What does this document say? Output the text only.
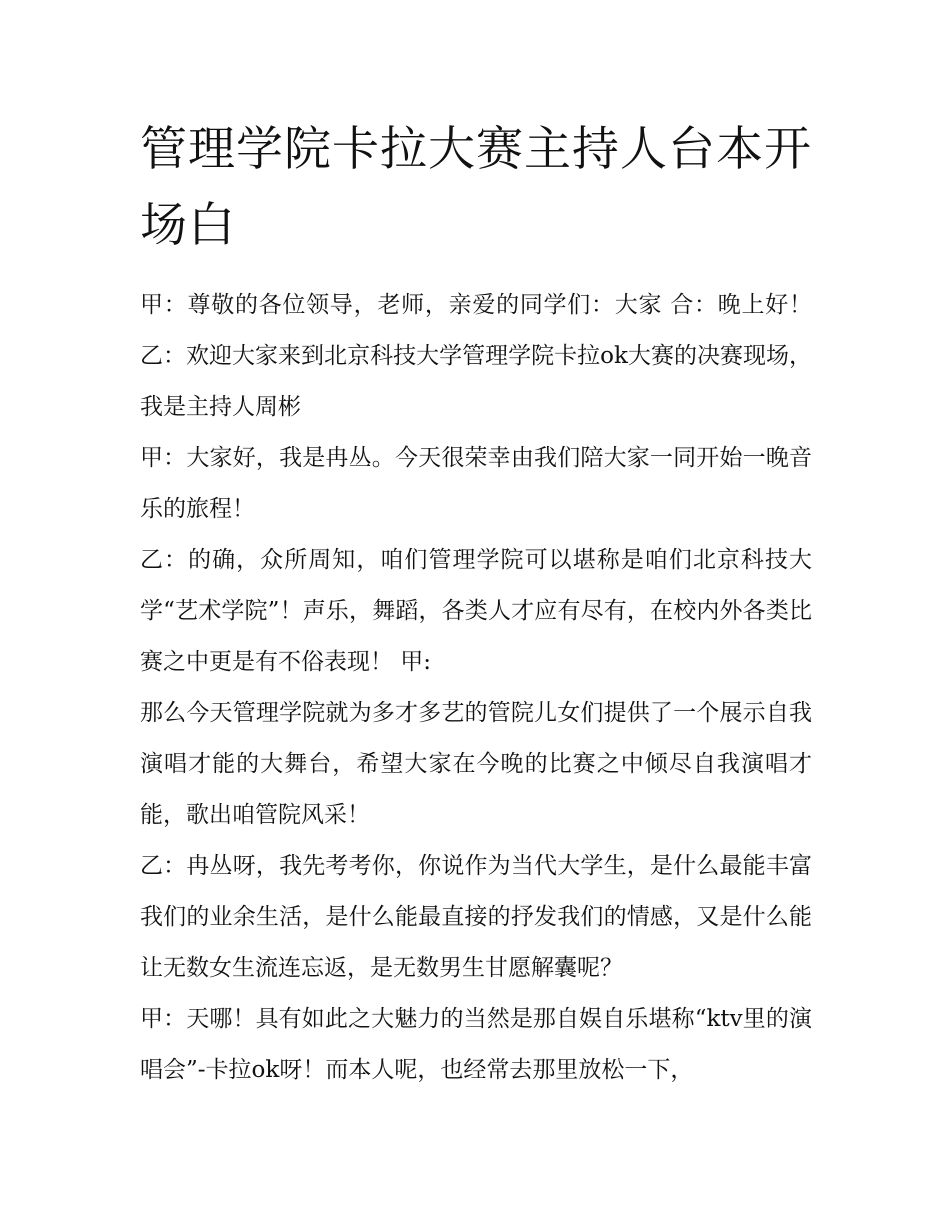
管理学院卡拉大赛主持人台本开场白

甲：尊敬的各位领导，老师，亲爱的同学们：大家 合：晚上好！ 乙：欢迎大家来到北京科技大学管理学院卡拉ok大赛的决赛现场，我是主持人周彬

甲：大家好，我是冉丛。今天很荣幸由我们陪大家一同开始一晚音乐的旅程！

乙：的确，众所周知，咱们管理学院可以堪称是咱们北京科技大学“艺术学院”！声乐，舞蹈，各类人才应有尽有，在校内外各类比赛之中更是有不俗表现！ 甲:

那么今天管理学院就为多才多艺的管院儿女们提供了一个展示自我演唱才能的大舞台，希望大家在今晚的比赛之中倾尽自我演唱才能，歌出咱管院风采！

乙：冉丛呀，我先考考你，你说作为当代大学生，是什么最能丰富我们的业余生活，是什么能最直接的抒发我们的情感，又是什么能让无数女生流连忘返，是无数男生甘愿解囊呢？

甲：天哪！具有如此之大魅力的当然是那自娱自乐堪称“ktv里的演唱会”-卡拉ok呀！而本人呢，也经常去那里放松一下，
